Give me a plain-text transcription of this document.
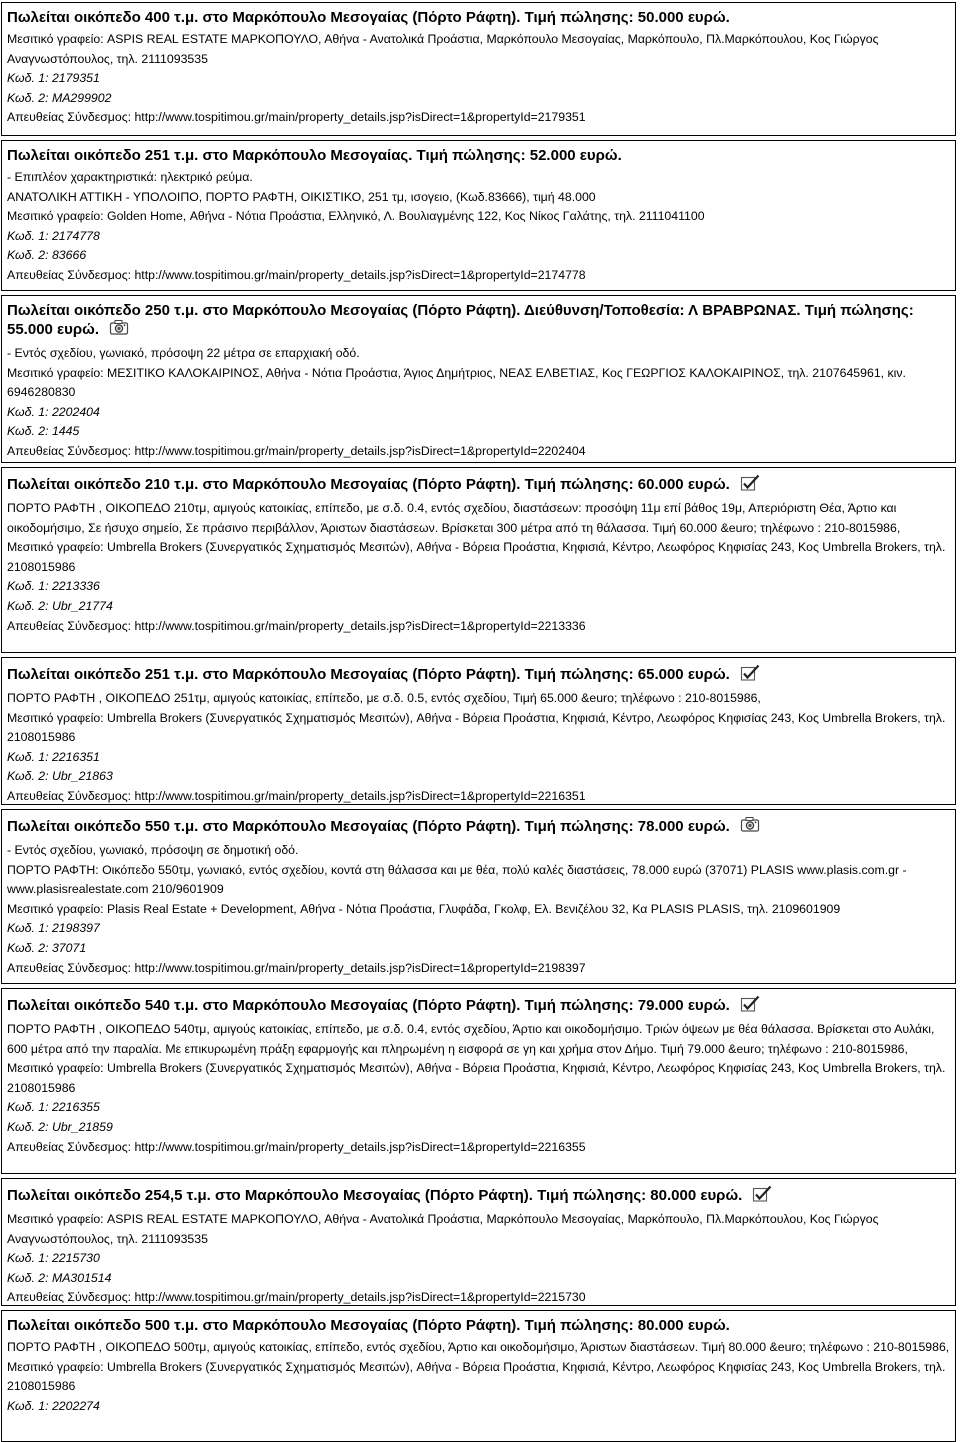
Πωλείται οικόπεδο 400 τ.μ. στο Μαρκόπουλο Μεσογαίας (Πόρτο Ράφτη). Τιμή πώλησης: 50.000 ευρώ.
Μεσιτικό γραφείο: ASPIS REAL ESTATE ΜΑΡΚΟΠΟΥΛΟ, Αθήνα - Ανατολικά Προάστια, Μαρκόπουλο Μεσογαίας, Μαρκόπουλο, Πλ.Μαρκόπουλου, Κος Γιώργος Αναγνωστόπουλος, τηλ. 2111093535
Κωδ. 1: 2179351
Κωδ. 2: MA299902
Απευθείας Σύνδεσμος: http://www.tospitimou.gr/main/property_details.jsp?isDirect=1&propertyId=2179351
Πωλείται οικόπεδο 251 τ.μ. στο Μαρκόπουλο Μεσογαίας. Τιμή πώλησης: 52.000 ευρώ.
- Επιπλέον χαρακτηριστικά: ηλεκτρικό ρεύμα.
ΑΝΑΤΟΛΙΚΗ ΑΤΤΙΚΗ - ΥΠΟΛΟΙΠΟ, ΠΟΡΤΟ ΡΑΦΤΗ, ΟΙΚΙΣΤΙΚΟ, 251 τμ, ισογειο, (Κωδ.83666), τιμή 48.000
Μεσιτικό γραφείο: Golden Home, Αθήνα - Νότια Προάστια, Ελληνικό, Λ. Βουλιαγμένης 122, Κος Νίκος Γαλάτης, τηλ. 2111041100
Κωδ. 1: 2174778
Κωδ. 2: 83666
Απευθείας Σύνδεσμος: http://www.tospitimou.gr/main/property_details.jsp?isDirect=1&propertyId=2174778
Πωλείται οικόπεδο 250 τ.μ. στο Μαρκόπουλο Μεσογαίας (Πόρτο Ράφτη). Διεύθυνση/Τοποθεσία: Λ ΒΡΑΒΡΩΝΑΣ. Τιμή πώλησης: 55.000 ευρώ.
- Εντός σχεδίου, γωνιακό, πρόσοψη 22 μέτρα σε επαρχιακή οδό.
Μεσιτικό γραφείο: ΜΕΣΙΤΙΚΟ ΚΑΛΟΚΑΙΡΙΝΟΣ, Αθήνα - Νότια Προάστια, Άγιος Δημήτριος, ΝΕΑΣ ΕΛΒΕΤΙΑΣ, Κος ΓΕΩΡΓΙΟΣ ΚΑΛΟΚΑΙΡΙΝΟΣ, τηλ. 2107645961, κιν. 6946280830
Κωδ. 1: 2202404
Κωδ. 2: 1445
Απευθείας Σύνδεσμος: http://www.tospitimou.gr/main/property_details.jsp?isDirect=1&propertyId=2202404
Πωλείται οικόπεδο 210 τ.μ. στο Μαρκόπουλο Μεσογαίας (Πόρτο Ράφτη). Τιμή πώλησης: 60.000 ευρώ.
ΠΟΡΤΟ ΡΑΦΤΗ , ΟΙΚΟΠΕΔΟ 210τμ, αμιγούς κατοικίας, επίπεδο, με σ.δ. 0.4, εντός σχεδίου, διαστάσεων: προσόψη 11μ επί βάθος 19μ, Απεριόριστη Θέα, Άρτιο και οικοδομήσιμο, Σε ήσυχο σημείο, Σε πράσινο περιβάλλον, Άριστων διαστάσεων. Βρίσκεται 300 μέτρα από τη θάλασσα. Τιμή 60.000 &euro; τηλέφωνο : 210-8015986,
Μεσιτικό γραφείο: Umbrella Brokers (Συνεργατικός Σχηματισμός Μεσιτών), Αθήνα - Βόρεια Προάστια, Κηφισιά, Κέντρο, Λεωφόρος Κηφισίας 243, Κος Umbrella Brokers, τηλ. 2108015986
Κωδ. 1: 2213336
Κωδ. 2: Ubr_21774
Απευθείας Σύνδεσμος: http://www.tospitimou.gr/main/property_details.jsp?isDirect=1&propertyId=2213336
Πωλείται οικόπεδο 251 τ.μ. στο Μαρκόπουλο Μεσογαίας (Πόρτο Ράφτη). Τιμή πώλησης: 65.000 ευρώ.
ΠΟΡΤΟ ΡΑΦΤΗ , ΟΙΚΟΠΕΔΟ 251τμ, αμιγούς κατοικίας, επίπεδο, με σ.δ. 0.5, εντός σχεδίου, Τιμή 65.000 &euro; τηλέφωνο : 210-8015986,
Μεσιτικό γραφείο: Umbrella Brokers (Συνεργατικός Σχηματισμός Μεσιτών), Αθήνα - Βόρεια Προάστια, Κηφισιά, Κέντρο, Λεωφόρος Κηφισίας 243, Κος Umbrella Brokers, τηλ. 2108015986
Κωδ. 1: 2216351
Κωδ. 2: Ubr_21863
Απευθείας Σύνδεσμος: http://www.tospitimou.gr/main/property_details.jsp?isDirect=1&propertyId=2216351
Πωλείται οικόπεδο 550 τ.μ. στο Μαρκόπουλο Μεσογαίας (Πόρτο Ράφτη). Τιμή πώλησης: 78.000 ευρώ.
- Εντός σχεδίου, γωνιακό, πρόσοψη σε δημοτική οδό.
ΠΟΡΤΟ ΡΑΦΤΗ: Οικόπεδο 550τμ, γωνιακό, εντός σχεδίου, κοντά στη θάλασσα και με θέα, πολύ καλές διαστάσεις, 78.000 ευρώ (37071) PLASIS www.plasis.com.gr - www.plasisrealestate.com 210/9601909
Μεσιτικό γραφείο: Plasis Real Estate + Development, Αθήνα - Νότια Προάστια, Γλυφάδα, Γκολφ, Ελ. Βενιζέλου 32, Κα PLASIS PLASIS, τηλ. 2109601909
Κωδ. 1: 2198397
Κωδ. 2: 37071
Απευθείας Σύνδεσμος: http://www.tospitimou.gr/main/property_details.jsp?isDirect=1&propertyId=2198397
Πωλείται οικόπεδο 540 τ.μ. στο Μαρκόπουλο Μεσογαίας (Πόρτο Ράφτη). Τιμή πώλησης: 79.000 ευρώ.
ΠΟΡΤΟ ΡΑΦΤΗ , ΟΙΚΟΠΕΔΟ 540τμ, αμιγούς κατοικίας, επίπεδο, με σ.δ. 0.4, εντός σχεδίου, Άρτιο και οικοδομήσιμο. Τριών όψεων με θέα θάλασσα. Βρίσκεται στο Αυλάκι, 600 μέτρα από την παραλία. Με επικυρωμένη πράξη εφαρμογής και πληρωμένη η εισφορά σε γη και χρήμα στον Δήμο. Τιμή 79.000 &euro; τηλέφωνο : 210-8015986,
Μεσιτικό γραφείο: Umbrella Brokers (Συνεργατικός Σχηματισμός Μεσιτών), Αθήνα - Βόρεια Προάστια, Κηφισιά, Κέντρο, Λεωφόρος Κηφισίας 243, Κος Umbrella Brokers, τηλ. 2108015986
Κωδ. 1: 2216355
Κωδ. 2: Ubr_21859
Απευθείας Σύνδεσμος: http://www.tospitimou.gr/main/property_details.jsp?isDirect=1&propertyId=2216355
Πωλείται οικόπεδο 254,5 τ.μ. στο Μαρκόπουλο Μεσογαίας (Πόρτο Ράφτη). Τιμή πώλησης: 80.000 ευρώ.
Μεσιτικό γραφείο: ASPIS REAL ESTATE ΜΑΡΚΟΠΟΥΛΟ, Αθήνα - Ανατολικά Προάστια, Μαρκόπουλο Μεσογαίας, Μαρκόπουλο, Πλ.Μαρκόπουλου, Κος Γιώργος Αναγνωστόπουλος, τηλ. 2111093535
Κωδ. 1: 2215730
Κωδ. 2: MA301514
Απευθείας Σύνδεσμος: http://www.tospitimou.gr/main/property_details.jsp?isDirect=1&propertyId=2215730
Πωλείται οικόπεδο 500 τ.μ. στο Μαρκόπουλο Μεσογαίας (Πόρτο Ράφτη). Τιμή πώλησης: 80.000 ευρώ.
ΠΟΡΤΟ ΡΑΦΤΗ , ΟΙΚΟΠΕΔΟ 500τμ, αμιγούς κατοικίας, επίπεδο, εντός σχεδίου, Άρτιο και οικοδομήσιμο, Άριστων διαστάσεων. Τιμή 80.000 &euro; τηλέφωνο : 210-8015986,
Μεσιτικό γραφείο: Umbrella Brokers (Συνεργατικός Σχηματισμός Μεσιτών), Αθήνα - Βόρεια Προάστια, Κηφισιά, Κέντρο, Λεωφόρος Κηφισίας 243, Κος Umbrella Brokers, τηλ. 2108015986
Κωδ. 1: 2202274
